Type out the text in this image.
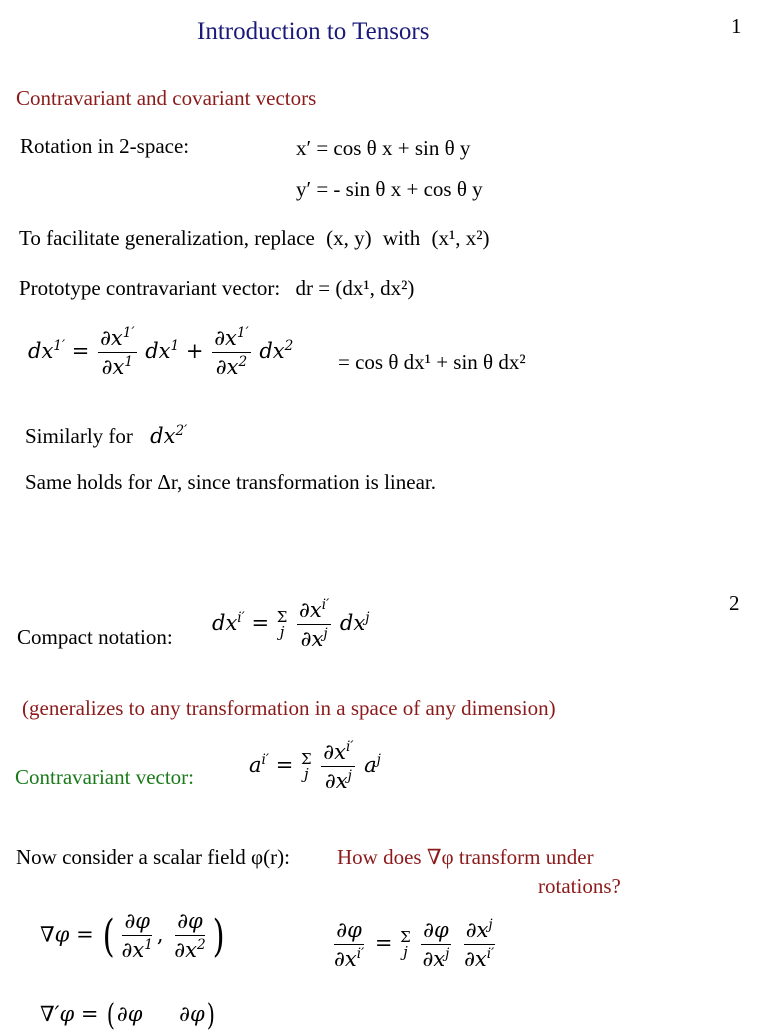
1
Introduction to Tensors
Contravariant and covariant vectors
Rotation in 2-space:	x′ = cos θ x + sin θ y
y′ = - sin θ x + cos θ y
To facilitate generalization, replace (x, y) with (x¹, x²)
Prototype contravariant vector: dr = (dx¹, dx²)
$dx^{1'} = \frac{\partial x^{1'}}{\partial x^1} dx^1 + \frac{\partial x^{1'}}{\partial x^2} dx^2$
= cos θ dx¹ + sin θ dx²
Similarly for $dx^{2'}$
Same holds for Δr, since transformation is linear.
2
Compact notation:
$dx^{i'} = \Sigma$
j
$\frac{\partial x^{i'}}{\partial x^j} dx^j$
(generalizes to any transformation in a space of any dimension)
Contravariant vector:	$a^{i'} = \Sigma$
j
$\frac{\partial x^{i'}}{\partial x^j} a^j$
Now consider a scalar field φ(r): How does ∇φ transform under
rotations?
∇φ = ( $\frac{\partial\varphi}{\partial x^1}$ , $\frac{\partial\varphi}{\partial x^2}$ )	$\frac{\partial\varphi}{\partial x^{i'}} = \Sigma$
j
$\frac{\partial\varphi}{\partial x^j}$
$\frac{\partial x^j}{\partial x^{i'}}$
∇′φ = (∂φ ∂φ)
